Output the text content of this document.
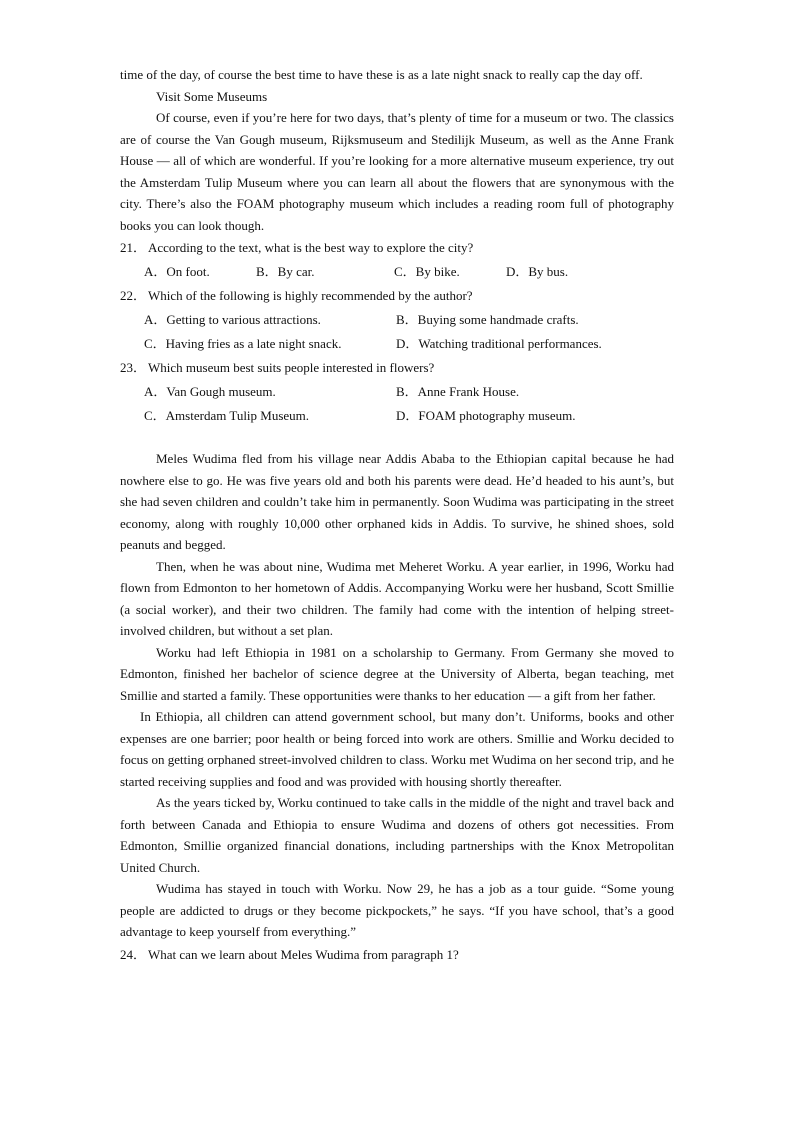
time of the day, of course the best time to have these is as a late night snack to really cap the day off.

Visit Some Museums

Of course, even if you’re here for two days, that’s plenty of time for a museum or two. The classics are of course the Van Gough museum, Rijksmuseum and Stedilijk Museum, as well as the Anne Frank House — all of which are wonderful. If you’re looking for a more alternative museum experience, try out the Amsterdam Tulip Museum where you can learn all about the flowers that are synonymous with the city. There’s also the FOAM photography museum which includes a reading room full of photography books you can look though.

21． According to the text, what is the best way to explore the city?

A．On foot.	B．By car.	C．By bike.	D．By bus.

22． Which of the following is highly recommended by the author?

A．Getting to various attractions.	B．Buying some handmade crafts.
C．Having fries as a late night snack.	D．Watching traditional performances.

23． Which museum best suits people interested in flowers?

A．Van Gough museum.	B．Anne Frank House.
C．Amsterdam Tulip Museum.	D．FOAM photography museum.

Meles Wudima fled from his village near Addis Ababa to the Ethiopian capital because he had nowhere else to go. He was five years old and both his parents were dead. He’d headed to his aunt’s, but she had seven children and couldn’t take him in permanently. Soon Wudima was participating in the street economy, along with roughly 10,000 other orphaned kids in Addis. To survive, he shined shoes, sold peanuts and begged.

Then, when he was about nine, Wudima met Meheret Worku. A year earlier, in 1996, Worku had flown from Edmonton to her hometown of Addis. Accompanying Worku were her husband, Scott Smillie (a social worker), and their two children. The family had come with the intention of helping street-involved children, but without a set plan.

Worku had left Ethiopia in 1981 on a scholarship to Germany. From Germany she moved to Edmonton, finished her bachelor of science degree at the University of Alberta, began teaching, met Smillie and started a family. These opportunities were thanks to her education — a gift from her father.

In Ethiopia, all children can attend government school, but many don’t. Uniforms, books and other expenses are one barrier; poor health or being forced into work are others. Smillie and Worku decided to focus on getting orphaned street-involved children to class. Worku met Wudima on her second trip, and he started receiving supplies and food and was provided with housing shortly thereafter.

As the years ticked by, Worku continued to take calls in the middle of the night and travel back and forth between Canada and Ethiopia to ensure Wudima and dozens of others got necessities. From Edmonton, Smillie organized financial donations, including partnerships with the Knox Metropolitan United Church.

Wudima has stayed in touch with Worku. Now 29, he has a job as a tour guide. “Some young people are addicted to drugs or they become pickpockets,” he says. “If you have school, that’s a good advantage to keep yourself from everything.”

24． What can we learn about Meles Wudima from paragraph 1?
